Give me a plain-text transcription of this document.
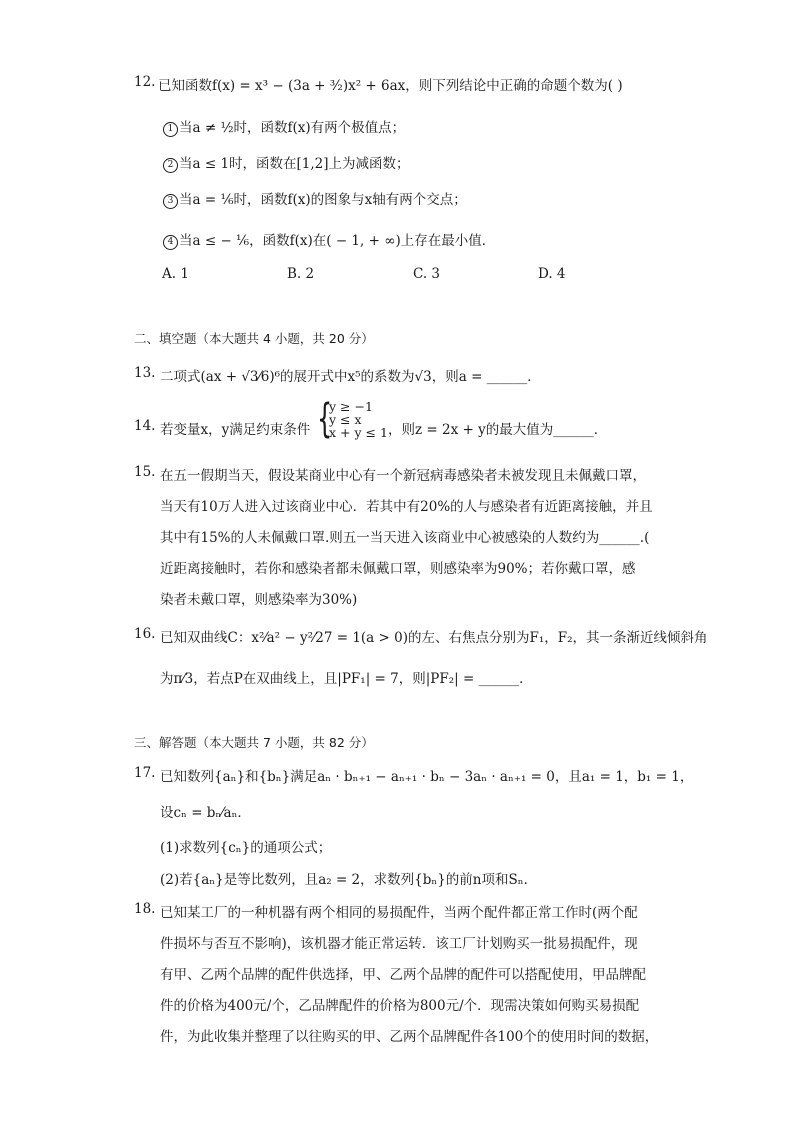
12. 已知函数f(x) = x³ − (3a + ³⁄₂)x² + 6ax，则下列结论中正确的命题个数为( )
1 当a ≠ ½时，函数f(x)有两个极值点；
2 当a ≤ 1时，函数在[1,2]上为减函数；
3 当a = ⅙时，函数f(x)的图象与x轴有两个交点；
4 当a ≤ − ⅙，函数f(x)在( − 1, + ∞)上存在最小值．
A. 1	B. 2	C. 3	D. 4
二、填空题（本大题共 4 小题，共 20 分）
13. 二项式(ax + √3⁄6)⁶的展开式中x⁵的系数为√3，则a = ______．
14. 若变量x，y满足约束条件 {
y ≥ −1
y ≤ x
x + y ≤ 1 ，则z = 2x + y的最大值为______．
15. 在五一假期当天，假设某商业中心有一个新冠病毒感染者未被发现且未佩戴口罩，
当天有10万人进入过该商业中心．若其中有20%的人与感染者有近距离接触，并且
其中有15%的人未佩戴口罩.则五一当天进入该商业中心被感染的人数约为______.(
近距离接触时，若你和感染者都未佩戴口罩，则感染率为90%；若你戴口罩，感
染者未戴口罩，则感染率为30%)
16. 已知双曲线C：x²⁄a² − y²⁄27 = 1(a > 0)的左、右焦点分别为F₁，F₂，其一条渐近线倾斜角
为π⁄3，若点P在双曲线上，且|PF₁| = 7，则|PF₂| = ______．
三、解答题（本大题共 7 小题，共 82 分）
17. 已知数列{aₙ}和{bₙ}满足aₙ · bₙ₊₁ − aₙ₊₁ · bₙ − 3aₙ · aₙ₊₁ = 0，且a₁ = 1，b₁ = 1，
设cₙ = bₙ⁄aₙ．
(1)求数列{cₙ}的通项公式；
(2)若{aₙ}是等比数列，且a₂ = 2，求数列{bₙ}的前n项和Sₙ．
18. 已知某工厂的一种机器有两个相同的易损配件，当两个配件都正常工作时(两个配
件损坏与否互不影响)，该机器才能正常运转．该工厂计划购买一批易损配件，现
有甲、乙两个品牌的配件供选择，甲、乙两个品牌的配件可以搭配使用，甲品牌配
件的价格为400元/个，乙品牌配件的价格为800元/个．现需决策如何购买易损配
件，为此收集并整理了以往购买的甲、乙两个品牌配件各100个的使用时间的数据，
